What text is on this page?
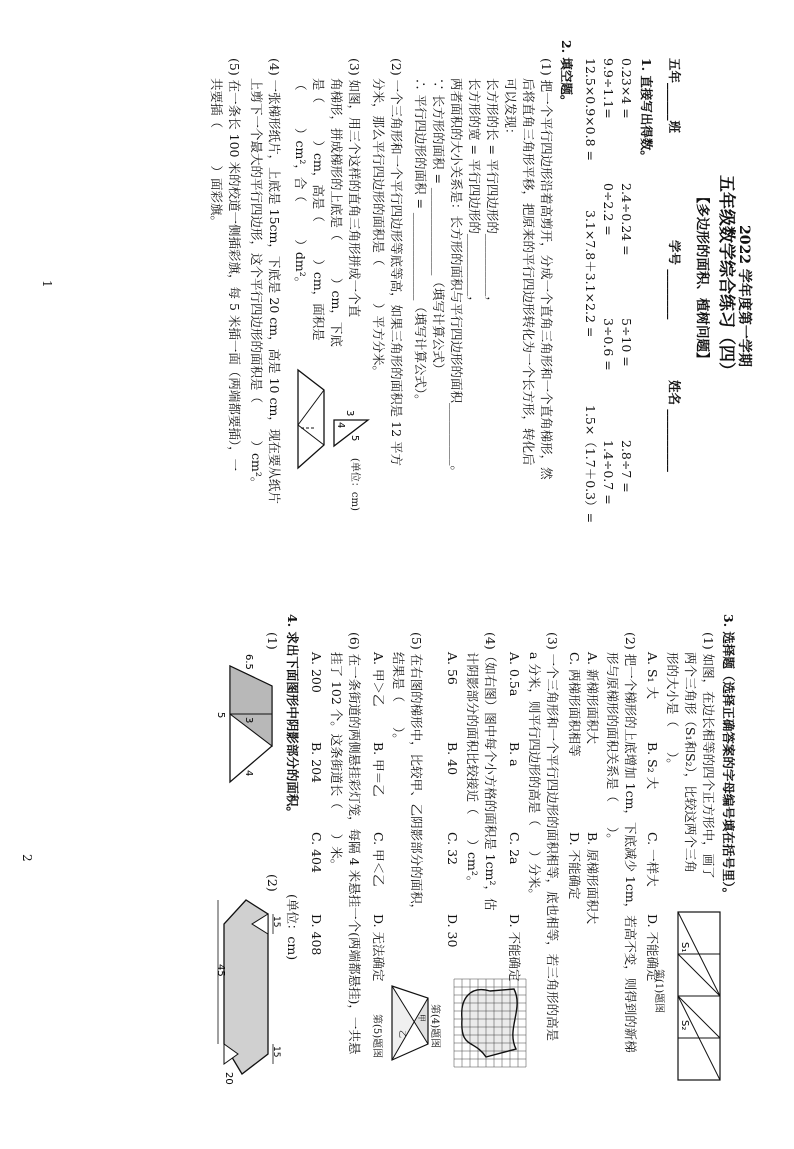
2022 学年度第一学期
五年级数学综合练习（四）
【多边形的面积、植树问题】
五年______班
学号 ________
姓名 __________
1. 直接写出得数。
0.23×4 =
2.4÷0.24 =
5÷10 =
2.8÷7 =
9.9÷1.1=
0÷2.2 =
3÷0.6 =
1.4÷0.7 =
12.5×0.9×0.8 =
3.1×7.8＋3.1×2.2 =
1.5×（1.7＋0.3）=
2. 填空题。
(1) 把一个平行四边形沿着高剪开，分成一个直角三角形和一个直角梯形，然
后将直角三角形平移，把原来的平行四边形转化为一个长方形，转化后
可以发现：
长方形的长 = 平行四边形的__________，
长方形的宽 = 平行四边形的__________，
两者面积的大小关系是：长方形的面积与平行四边形的面积__________。
∵ 长方形的面积 = ______________（填写计算公式）
∴ 平行四边形的面积 = ______________（填写计算公式）。
(2) 一个三角形和一个平行四边形等底等高，如果三角形的面积是 12 平方
分米，那么平行四边形的面积是（　　　）平方分米。
(3) 如图，用三个这样的直角三角形拼成一个直
角梯形，拼成梯形的上底是（　　　）cm，下底
是（　　　）cm，高是（　　　）cm，面积是
（　　　）cm²，合（　　　）dm²。
(单位：cm)
3
4
5
(4) 一张梯形纸片，上底是 15cm，下底是 20 cm，高是 10 cm，现在要从纸片
上剪下一个最大的平行四边形，这个平行四边形的面积是（　　　）cm²。
(5) 在一条长 100 米的校道一侧插彩旗，每 5 米插一面（两端都要插），一
共要插（　　　）面彩旗。
1
3. 选择题（选择正确答案的字母编号填在括号里）。
(1) 如图，在边长相等的四个正方形中，画了
两个三角形（S₁和S₂），比较这两个三角
形的大小是（　　）。
A. S₁ 大
B. S₂ 大
C. 一样大
D. 不能确定 S₁
S₂
第(1)题图
(2) 把一个梯形的上底增加 1cm，下底减少 1cm，若高不变，则得到的新梯
形与原梯形的面积关系是（　　）。
A. 新梯形面积大
B. 原梯形面积大
C. 两梯形面积相等
D. 不能确定
(3) 一个三角形和一个平行四边形的面积相等，底也相等，若三角形的高是
a 分米，则平行四边形的高是（　　）分米。
A. 0.5a
B. a
C. 2a
D. 不能确定
(4)（如右图）图中每个小方格的面积是 1cm²，估
计阴影部分的面积比较接近（　　）cm²。
A. 56
B. 40
C. 32
D. 30
第(4)题图
(5) 在右图的梯形中，比较甲、乙阴影部分的面积，
结果是（　　）。
A. 甲＞乙
B. 甲＝乙
C. 甲＜乙
D. 无法确定
甲
乙
第(5)题图
(6) 在一条街道的两侧悬挂彩灯笼，每隔 4 米悬挂一个(两端都悬挂)，一共悬
挂了 102 个。这条街道长（　　）米。
A. 200
B. 204
C. 404
D. 408
4. 求出下面图形中阴影部分的面积。
(单位：cm)
(1)
(2)
6.5
3
5
4
15
45
15
20
2
